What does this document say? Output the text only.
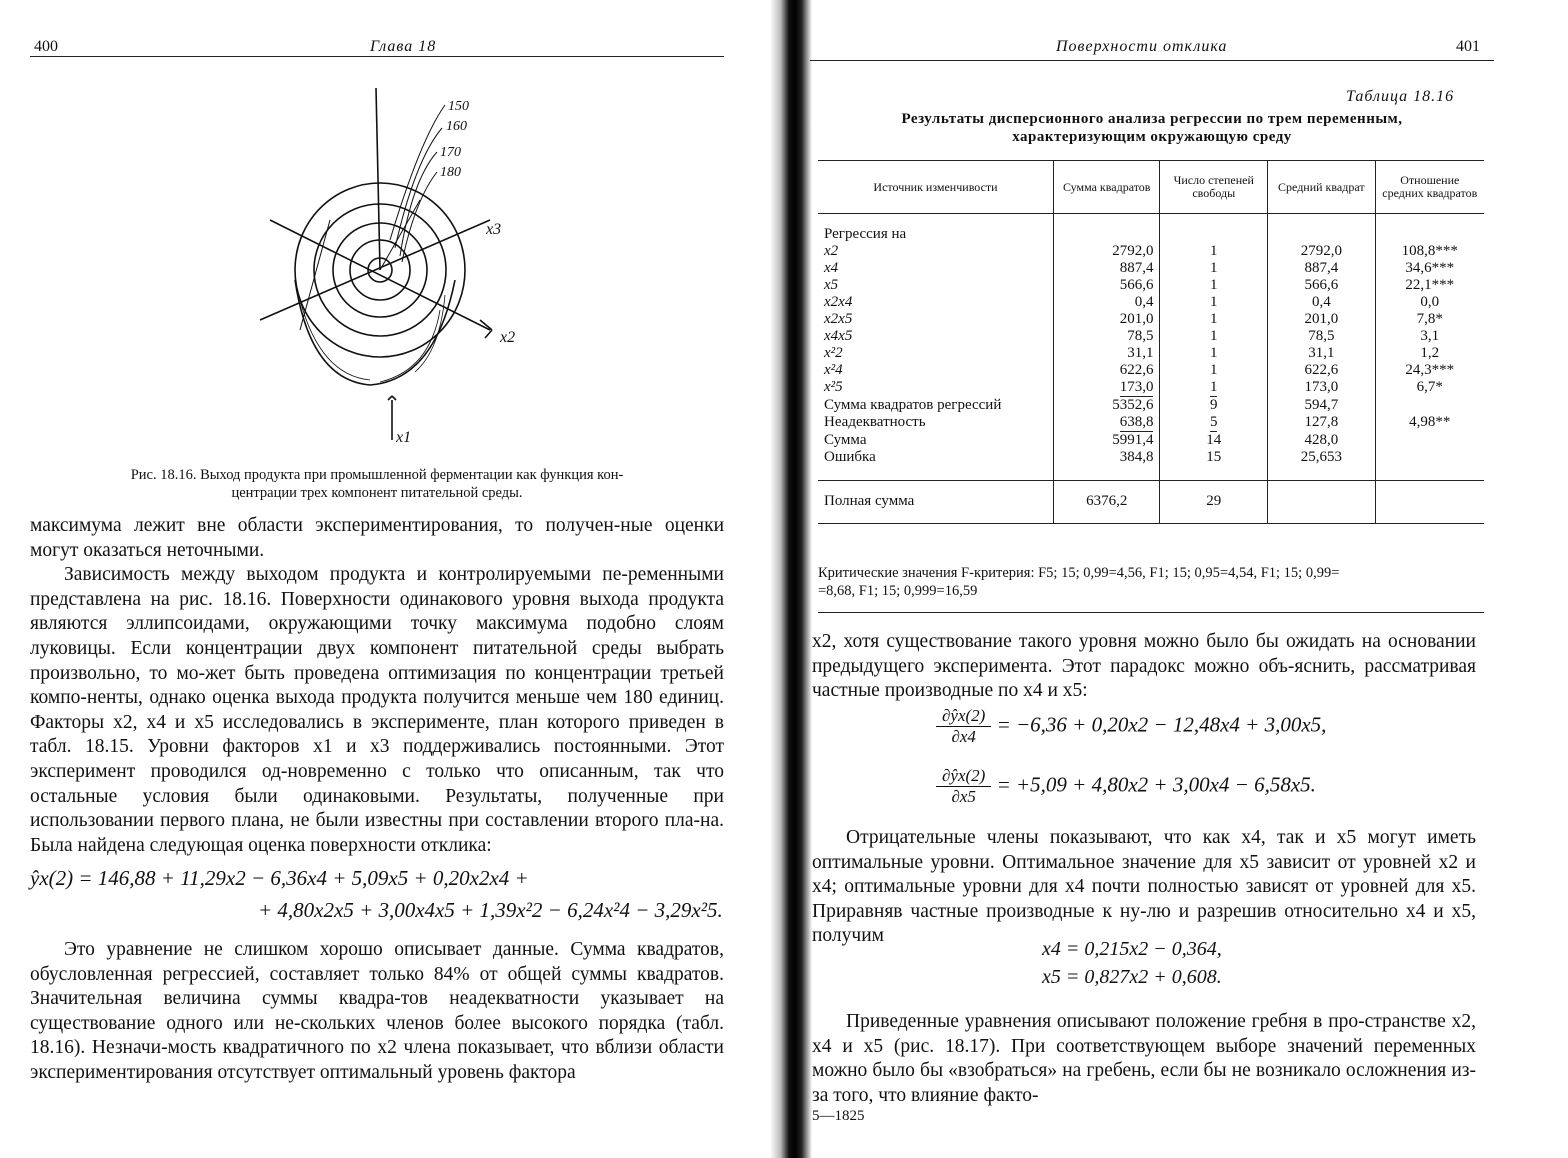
400	Глава 18
150
160
170
180
x3
x2
x1
Рис. 18.16. Выход продукта при промышленной ферментации как функция кон-
центрации трех компонент питательной среды.

максимума лежит вне области экспериментирования, то получен-ные оценки могут оказаться неточными.

Зависимость между выходом продукта и контролируемыми пе-ременными представлена на рис. 18.16. Поверхности одинакового уровня выхода продукта являются эллипсоидами, окружающими точку максимума подобно слоям луковицы. Если концентрации двух компонент питательной среды выбрать произвольно, то мо-жет быть проведена оптимизация по концентрации третьей компо-ненты, однако оценка выхода продукта получится меньше чем 180 единиц. Факторы x2, x4 и x5 исследовались в эксперименте, план которого приведен в табл. 18.15. Уровни факторов x1 и x3 поддерживались постоянными. Этот эксперимент проводился од-новременно с только что описанным, так что остальные условия были одинаковыми. Результаты, полученные при использовании первого плана, не были известны при составлении второго пла-на. Была найдена следующая оценка поверхности отклика:

ŷx(2) = 146,88 + 11,29x2 − 6,36x4 + 5,09x5 + 0,20x2x4 +
+ 4,80x2x5 + 3,00x4x5 + 1,39x²2 − 6,24x²4 − 3,29x²5.

Это уравнение не слишком хорошо описывает данные. Сумма квадратов, обусловленная регрессией, составляет только 84% от общей суммы квадратов. Значительная величина суммы квадра-тов неадекватности указывает на существование одного или не-скольких членов более высокого порядка (табл. 18.16). Незначи-мость квадратичного по x2 члена показывает, что вблизи области экспериментирования отсутствует оптимальный уровень фактора

Поверхности отклика	401
Таблица 18.16
Результаты дисперсионного анализа регрессии по трем переменным,
характеризующим окружающую среду
Источник изменчивости	Сумма квадратов	Число степеней свободы	Средний квадрат	Отношение средних квадратов

Регрессия на				
x2	2792,0	1	2792,0	108,8***
x4	887,4	1	887,4	34,6***
x5	566,6	1	566,6	22,1***
x2x4	0,4	1	0,4	0,0
x2x5	201,0	1	201,0	7,8*
x4x5	78,5	1	78,5	3,1
x²2	31,1	1	31,1	1,2
x²4	622,6	1	622,6	24,3***
x²5	173,0	1	173,0	6,7*
Сумма квадратов регрессий	5352,6	9	594,7	
Неадекватность	638,8	5	127,8	4,98**
Сумма	5991,4	14	428,0	
Ошибка	384,8	15	25,653	

Полная сумма	6376,2	29		
Критические значения F-критерия: F5; 15; 0,99=4,56, F1; 15; 0,95=4,54, F1; 15; 0,99=
=8,68, F1; 15; 0,999=16,59

x2, хотя существование такого уровня можно было бы ожидать на основании предыдущего эксперимента. Этот парадокс можно объ-яснить, рассматривая частные производные по x4 и x5:

$\frac{\partial ŷx(2)}{\partial x4} = -6,36 + 0,20x2 - 12,48x4 + 3,00x5$,
$\frac{\partial ŷx(2)}{\partial x5} = +5,09 + 4,80x2 + 3,00x4 - 6,58x5$.

Отрицательные члены показывают, что как x4, так и x5 могут иметь оптимальные уровни. Оптимальное значение для x5 зависит от уровней x2 и x4; оптимальные уровни для x4 почти полностью зависят от уровней для x5. Приравняв частные производные к ну-лю и разрешив относительно x4 и x5, получим

x4 = 0,215x2 − 0,364,
x5 = 0,827x2 + 0,608.

Приведенные уравнения описывают положение гребня в про-странстве x2, x4 и x5 (рис. 18.17). При соответствующем выборе значений переменных можно было бы «взобраться» на гребень, если бы не возникало осложнения из-за того, что влияние факто-

5—1825
